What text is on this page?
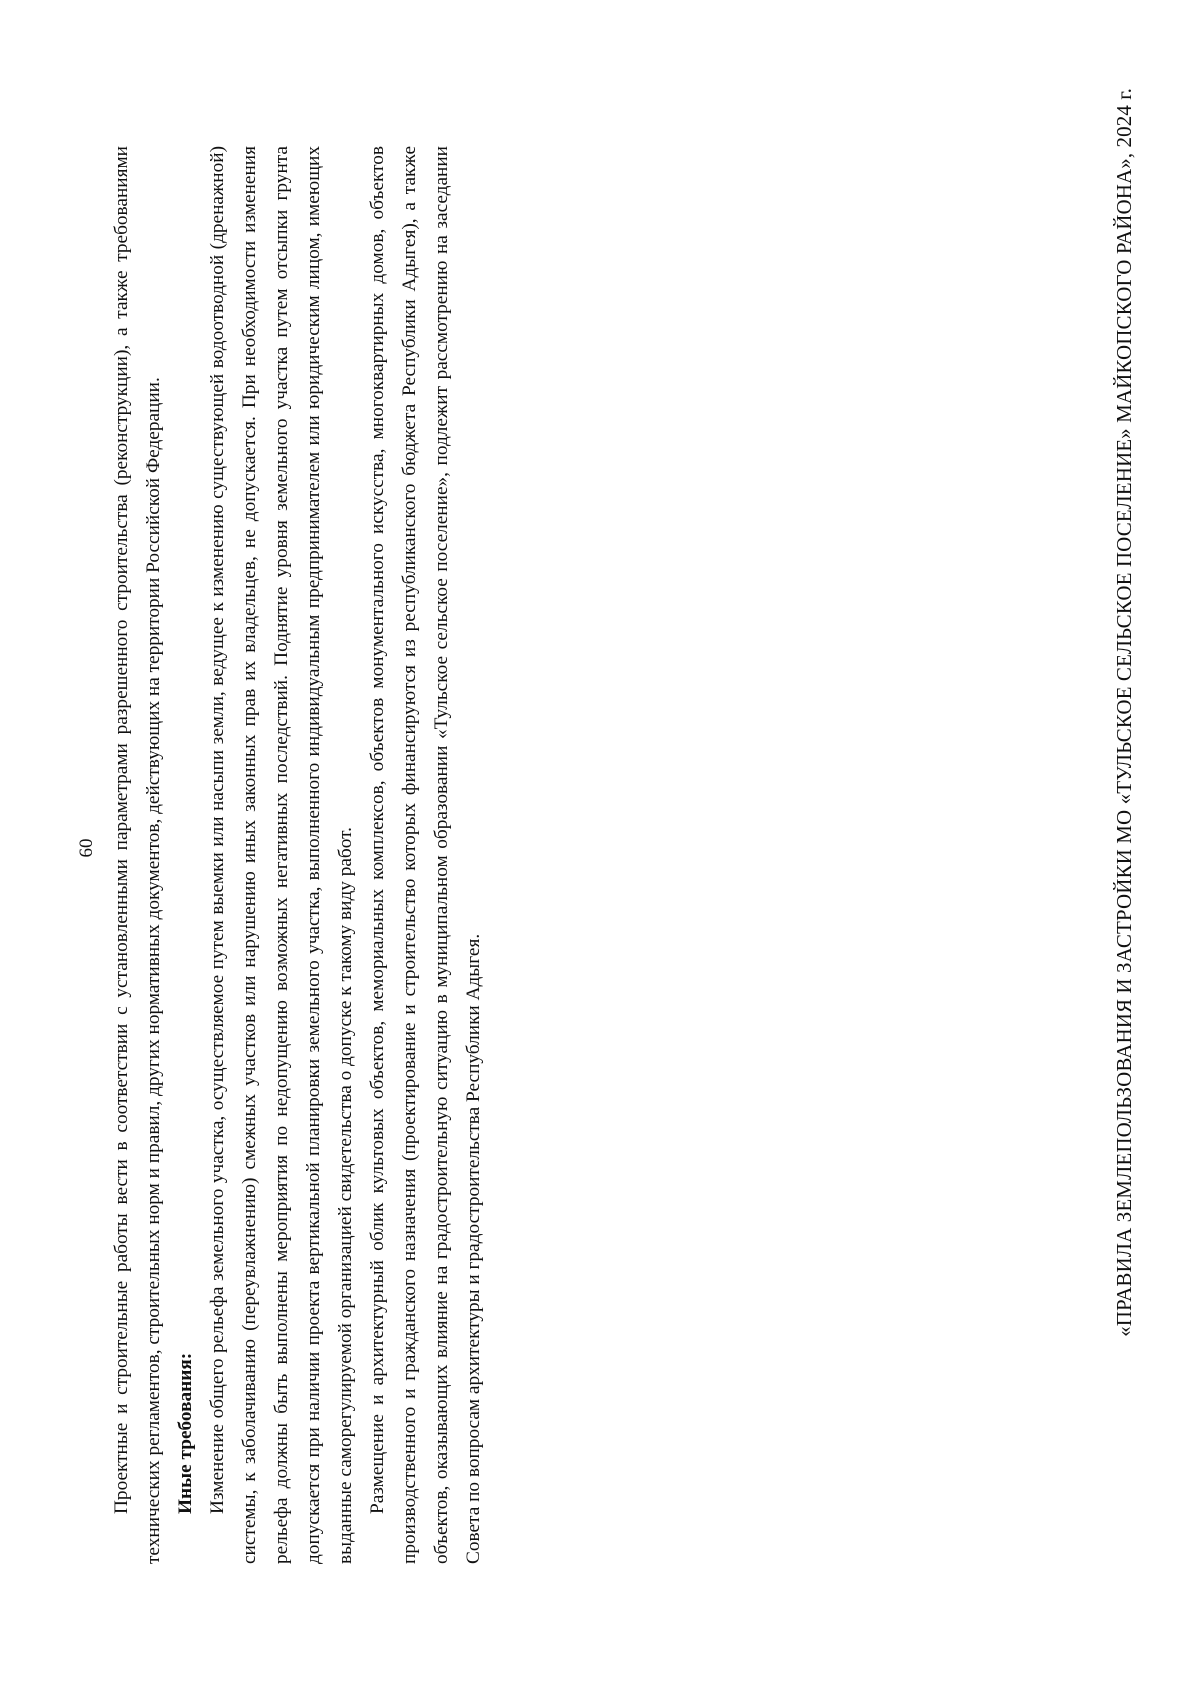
60 Проектные и строительные работы вести в соответствии с установленными параметрами разрешенного строительства (реконструкции), а также требованиями технических регламентов, строительных норм и правил, других нормативных документов, действующих на территории Российской Федерации. Иные требования: Изменение общего рельефа земельного участка, осуществляемое путем выемки или насыпи земли, ведущее к изменению существующей водоотводной (дренажной) системы, к заболачиванию (переувлажнению) смежных участков или нарушению иных законных прав их владельцев, не допускается. При необходимости изменения рельефа должны быть выполнены мероприятия по недопущению возможных негативных последствий. Поднятие уровня земельного участка путем отсыпки грунта допускается при наличии проекта вертикальной планировки земельного участка, выполненного индивидуальным предпринимателем или юридическим лицом, имеющих выданные саморегулируемой организацией свидетельства о допуске к такому виду работ. Размещение и архитектурный облик культовых объектов, мемориальных комплексов, объектов монументального искусства, многоквартирных домов, объектов производственного и гражданского назначения (проектирование и строительство которых финансируются из республиканского бюджета Республики Адыгея), а также объектов, оказывающих влияние на градостроительную ситуацию в муниципальном образовании «Тульское сельское поселение», подлежит рассмотрению на заседании Совета по вопросам архитектуры и градостроительства Республики Адыгея.	«ПРАВИЛА ЗЕМЛЕПОЛЬЗОВАНИЯ И ЗАСТРОЙКИ МО «ТУЛЬСКОЕ СЕЛЬСКОЕ ПОСЕЛЕНИЕ» МАЙКОПСКОГО РАЙОНА», 2024 г.
